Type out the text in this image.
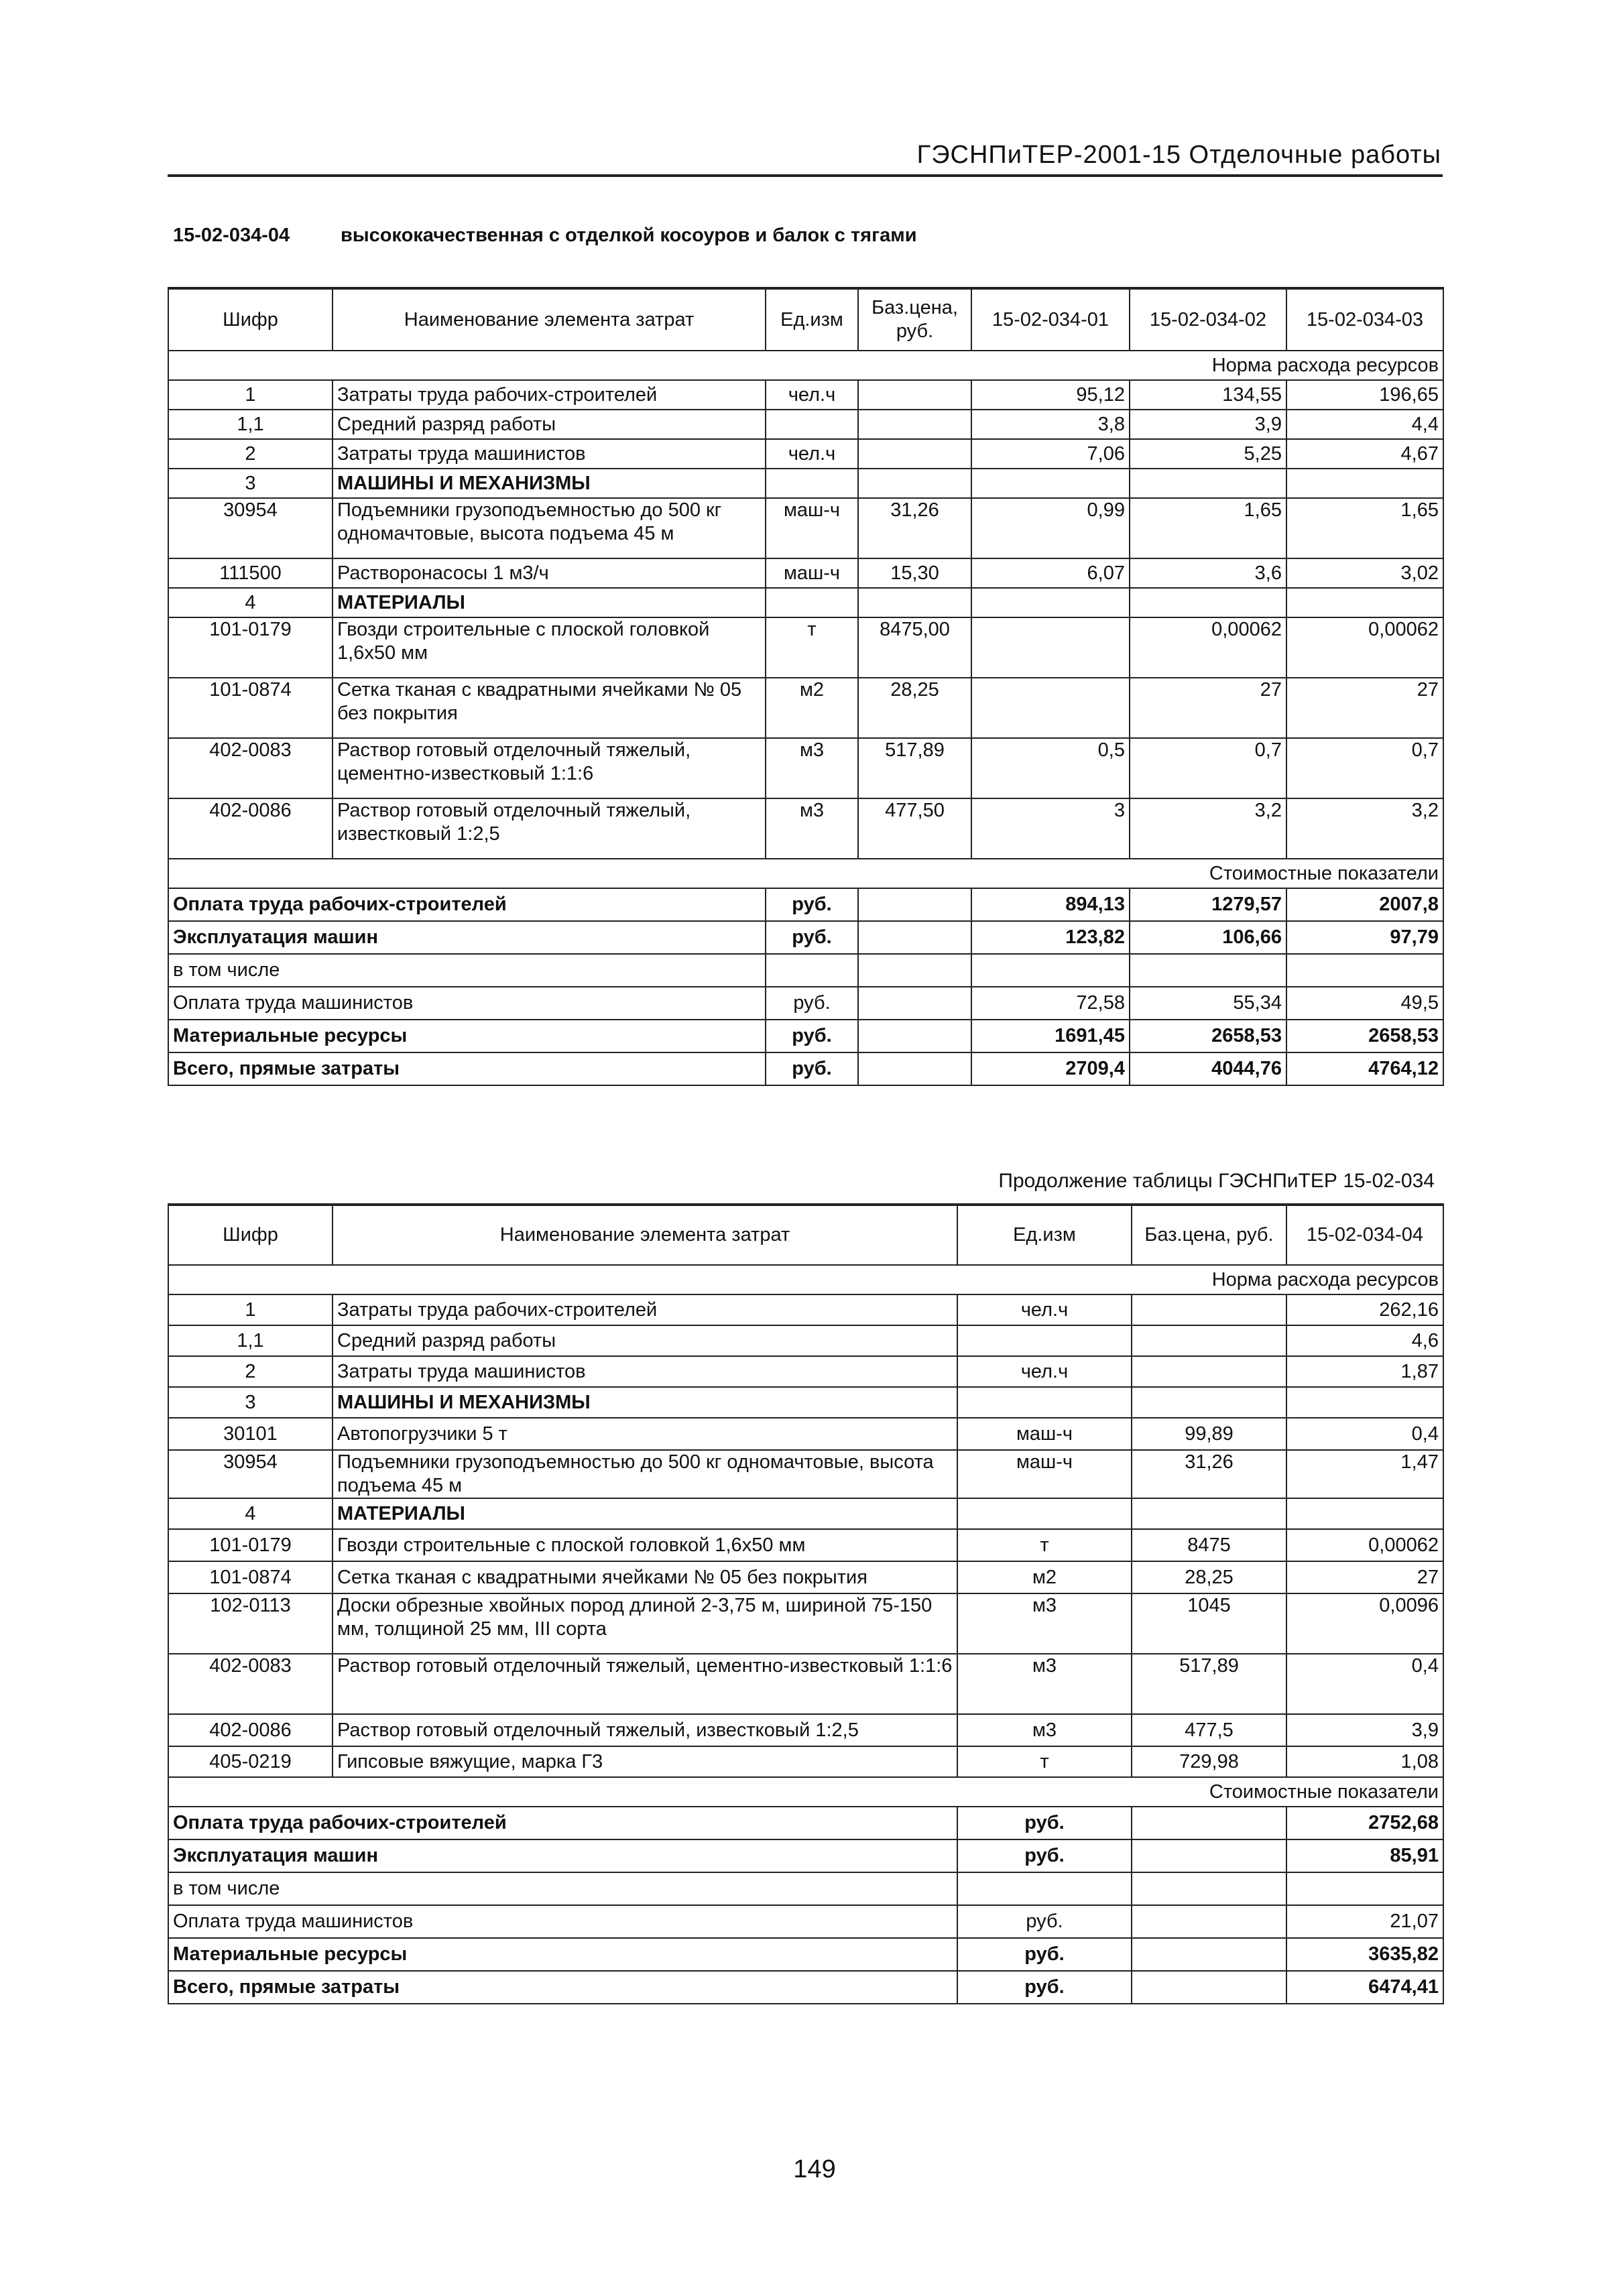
ГЭСНПиТЕР-2001-15 Отделочные работы
15-02-034-04	высококачественная с отделкой косоуров и балок с тягами
Шифр	Наименование элемента затрат	Ед.изм	Баз.цена, руб.	15-02-034-01	15-02-034-02	15-02-034-03
Норма расхода ресурсов						
1	Затраты труда рабочих-строителей	чел.ч		95,12	134,55	196,65
1,1	Средний разряд работы			3,8	3,9	4,4
2	Затраты труда машинистов	чел.ч		7,06	5,25	4,67
3	МАШИНЫ И МЕХАНИЗМЫ					
30954	Подъемники грузоподъемностью до 500 кг одномачтовые, высота подъема 45 м	маш-ч	31,26	0,99	1,65	1,65
111500	Растворонасосы 1 м3/ч	маш-ч	15,30	6,07	3,6	3,02
4	МАТЕРИАЛЫ					
101-0179	Гвозди строительные с плоской головкой 1,6х50 мм	т	8475,00		0,00062	0,00062
101-0874	Сетка тканая с квадратными ячейками № 05 без покрытия	м2	28,25		27	27
402-0083	Раствор готовый отделочный тяжелый, цементно-известковый 1:1:6	м3	517,89	0,5	0,7	0,7
402-0086	Раствор готовый отделочный тяжелый, известковый 1:2,5	м3	477,50	3	3,2	3,2
Стоимостные показатели						
Оплата труда рабочих-строителей		руб.		894,13	1279,57	2007,8
Эксплуатация машин		руб.		123,82	106,66	97,79
в том числе						
Оплата труда машинистов		руб.		72,58	55,34	49,5
Материальные ресурсы		руб.		1691,45	2658,53	2658,53
Всего, прямые затраты		руб.		2709,4	4044,76	4764,12
Продолжение таблицы ГЭСНПиТЕР 15-02-034
Шифр	Наименование элемента затрат	Ед.изм	Баз.цена, руб.	15-02-034-04
Норма расхода ресурсов				
1	Затраты труда рабочих-строителей	чел.ч		262,16
1,1	Средний разряд работы			4,6
2	Затраты труда машинистов	чел.ч		1,87
3	МАШИНЫ И МЕХАНИЗМЫ			
30101	Автопогрузчики 5 т	маш-ч	99,89	0,4
30954	Подъемники грузоподъемностью до 500 кг одномачтовые, высота подъема 45 м	маш-ч	31,26	1,47
4	МАТЕРИАЛЫ			
101-0179	Гвозди строительные с плоской головкой 1,6х50 мм	т	8475	0,00062
101-0874	Сетка тканая с квадратными ячейками № 05 без покрытия	м2	28,25	27
102-0113	Доски обрезные хвойных пород длиной 2-3,75 м, шириной 75-150 мм, толщиной 25 мм, III сорта	м3	1045	0,0096
402-0083	Раствор готовый отделочный тяжелый, цементно-известковый 1:1:6	м3	517,89	0,4
402-0086	Раствор готовый отделочный тяжелый, известковый 1:2,5	м3	477,5	3,9
405-0219	Гипсовые вяжущие, марка Г3	т	729,98	1,08
Стоимостные показатели				
Оплата труда рабочих-строителей		руб.		2752,68
Эксплуатация машин		руб.		85,91
в том числе				
Оплата труда машинистов		руб.		21,07
Материальные ресурсы		руб.		3635,82
Всего, прямые затраты		руб.		6474,41
149
